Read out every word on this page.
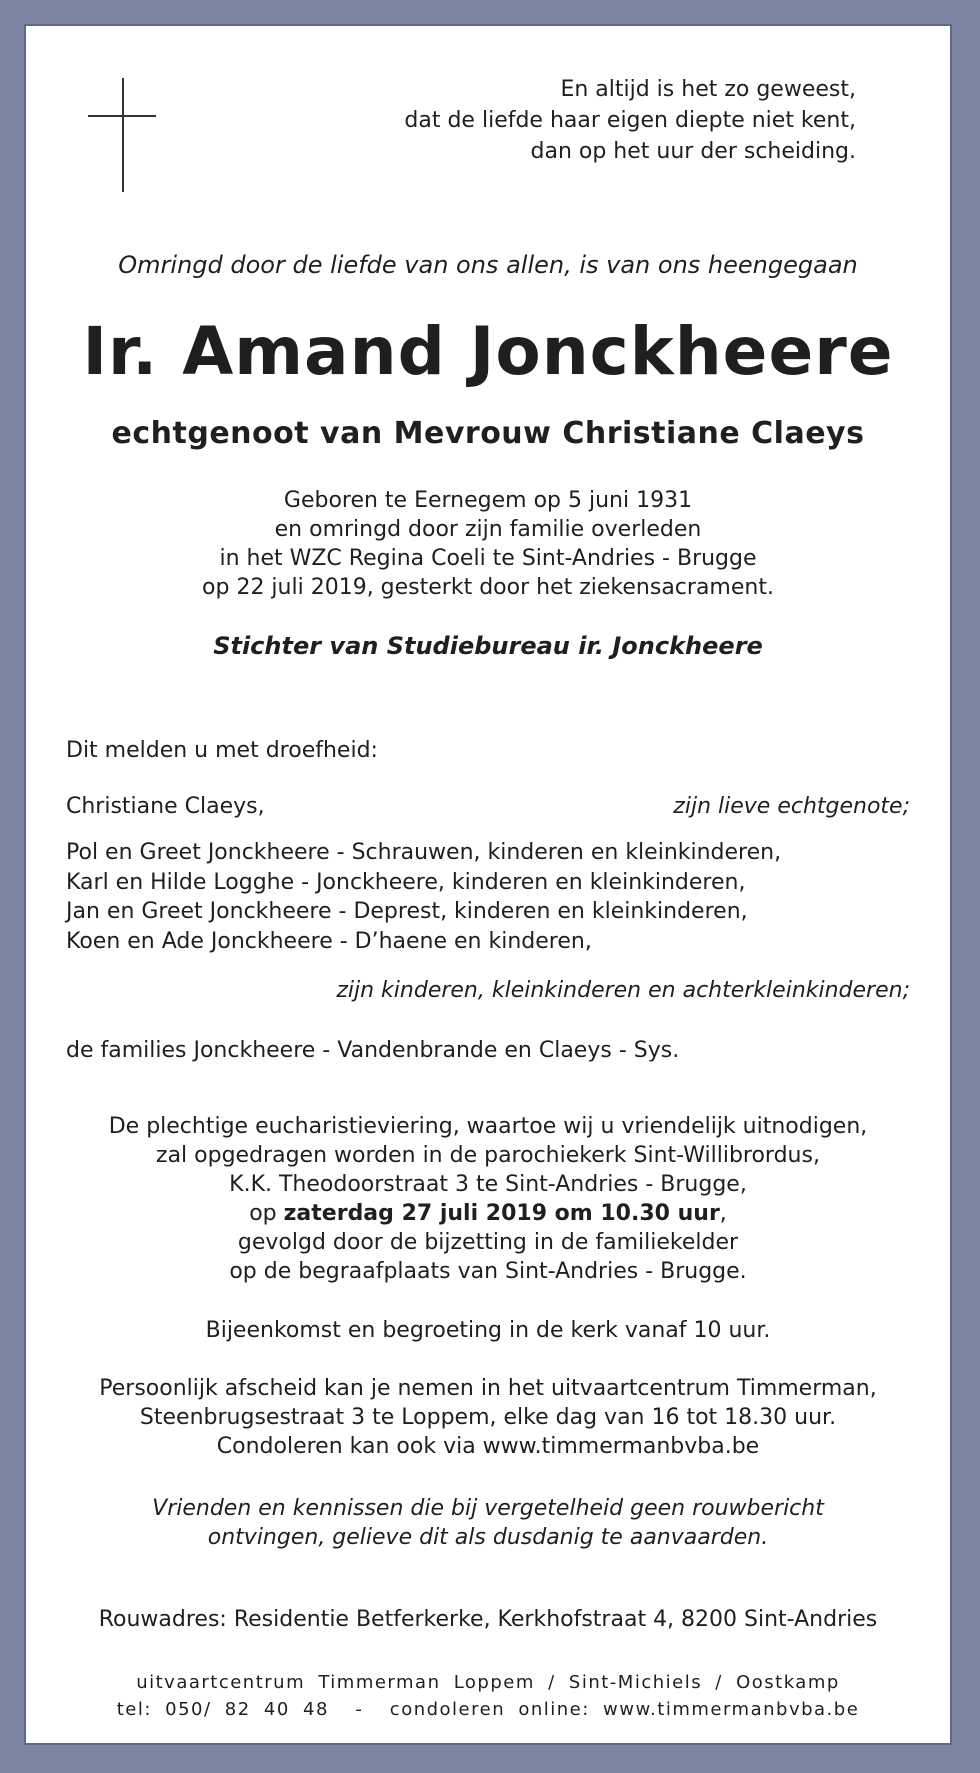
En altijd is het zo geweest,
dat de liefde haar eigen diepte niet kent,
dan op het uur der scheiding.
Omringd door de liefde van ons allen, is van ons heengegaan
Ir. Amand Jonckheere
echtgenoot van Mevrouw Christiane Claeys
Geboren te Eernegem op 5 juni 1931
en omringd door zijn familie overleden
in het WZC Regina Coeli te Sint-Andries - Brugge
op 22 juli 2019, gesterkt door het ziekensacrament.
Stichter van Studiebureau ir. Jonckheere
Dit melden u met droefheid:
Christiane Claeys,	zijn lieve echtgenote;
Pol en Greet Jonckheere - Schrauwen, kinderen en kleinkinderen,
Karl en Hilde Logghe - Jonckheere, kinderen en kleinkinderen,
Jan en Greet Jonckheere - Deprest, kinderen en kleinkinderen,
Koen en Ade Jonckheere - D’haene en kinderen,
zijn kinderen, kleinkinderen en achterkleinkinderen;
de families Jonckheere - Vandenbrande en Claeys - Sys.
De plechtige eucharistieviering, waartoe wij u vriendelijk uitnodigen,
zal opgedragen worden in de parochiekerk Sint-Willibrordus,
K.K. Theodoorstraat 3 te Sint-Andries - Brugge,
op zaterdag 27 juli 2019 om 10.30 uur,
gevolgd door de bijzetting in de familiekelder
op de begraafplaats van Sint-Andries - Brugge.
Bijeenkomst en begroeting in de kerk vanaf 10 uur.
Persoonlijk afscheid kan je nemen in het uitvaartcentrum Timmerman,
Steenbrugsestraat 3 te Loppem, elke dag van 16 tot 18.30 uur.
Condoleren kan ook via www.timmermanbvba.be
Vrienden en kennissen die bij vergetelheid geen rouwbericht
ontvingen, gelieve dit als dusdanig te aanvaarden.
Rouwadres: Residentie Betferkerke, Kerkhofstraat 4, 8200 Sint-Andries
uitvaartcentrum Timmerman Loppem / Sint-Michiels / Oostkamp
tel: 050/ 82 40 48  -  condoleren online: www.timmermanbvba.be
